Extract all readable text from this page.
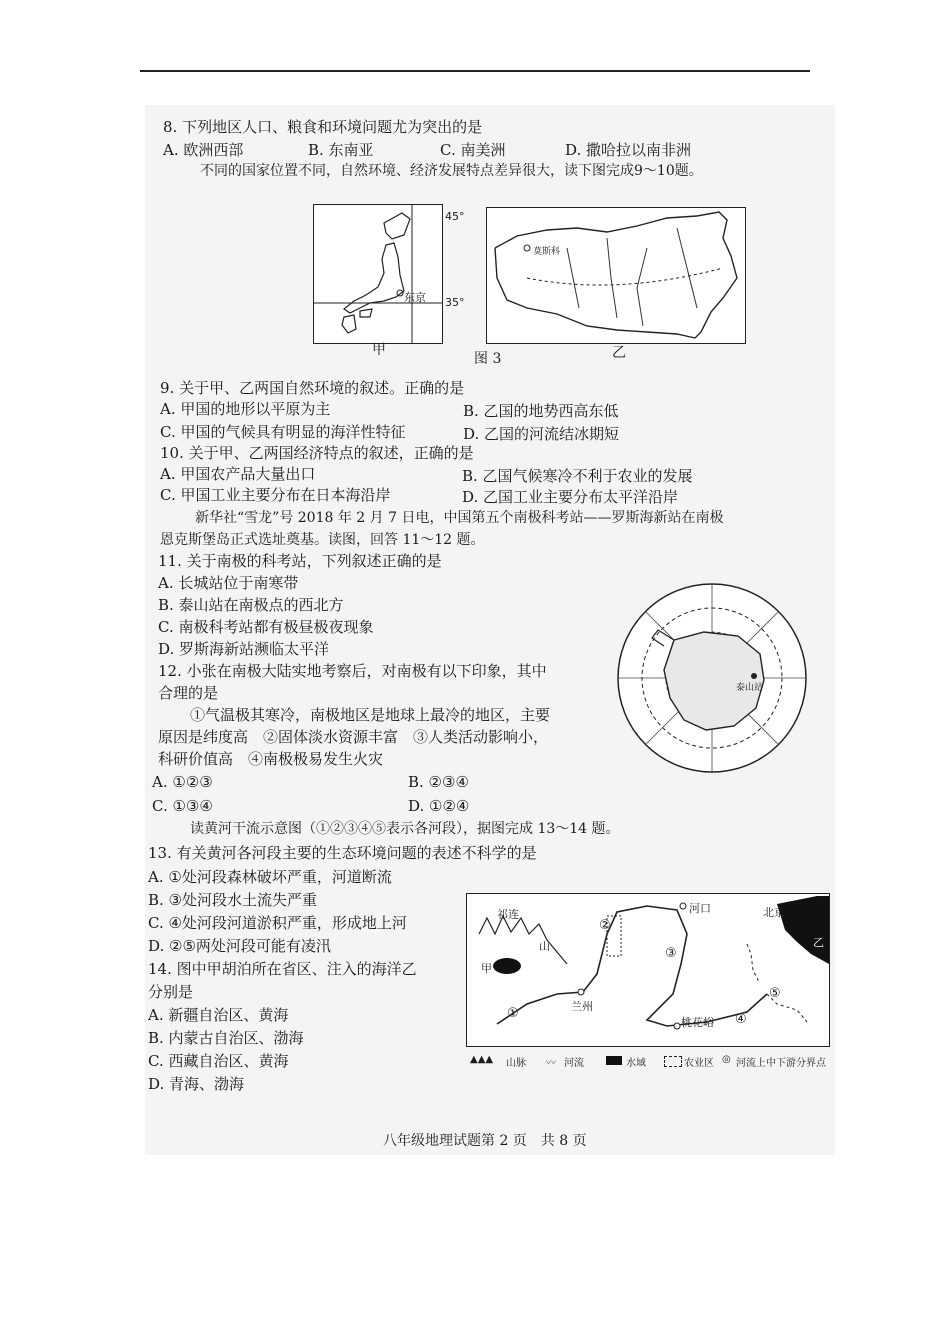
8. 下列地区人口、粮食和环境问题尤为突出的是
A. 欧洲西部	B. 东南亚	C. 南美洲	D. 撒哈拉以南非洲
不同的国家位置不同，自然环境、经济发展特点差异很大，读下图完成9～10题。
东京
45°
35°
甲
莫斯科
图 3	乙
9. 关于甲、乙两国自然环境的叙述。正确的是
A. 甲国的地形以平原为主	B. 乙国的地势西高东低
C. 甲国的气候具有明显的海洋性特征	D. 乙国的河流结冰期短
10. 关于甲、乙两国经济特点的叙述，正确的是
A. 甲国农产品大量出口	B. 乙国气候寒冷不利于农业的发展
C. 甲国工业主要分布在日本海沿岸	D. 乙国工业主要分布太平洋沿岸
新华社“雪龙”号 2018 年 2 月 7 日电，中国第五个南极科考站——罗斯海新站在南极
恩克斯堡岛正式选址奠基。读图，回答 11～12 题。
11. 关于南极的科考站，下列叙述正确的是
A. 长城站位于南寒带
B. 泰山站在南极点的西北方
C. 南极科考站都有极昼极夜现象
D. 罗斯海新站濒临太平洋
泰山站
12. 小张在南极大陆实地考察后，对南极有以下印象，其中
合理的是
①气温极其寒冷，南极地区是地球上最冷的地区，主要
原因是纬度高　②固体淡水资源丰富　③人类活动影响小，
科研价值高　④南极极易发生火灾
A. ①②③	B. ②③④
C. ①③④	D. ①②④
读黄河干流示意图（①②③④⑤表示各河段），据图完成 13～14 题。
13. 有关黄河各河段主要的生态环境问题的表述不科学的是
A. ①处河段森林破坏严重，河道断流
B. ③处河段水土流失严重
C. ④处河段河道淤积严重，形成地上河
D. ②⑤两处河段可能有凌汛
14. 图中甲胡泊所在省区、注入的海洋乙
分别是
A. 新疆自治区、黄海
B. 内蒙古自治区、渤海
C. 西藏自治区、黄海
D. 青海、渤海
祁连
山
甲
河口	北京
兰州
桃花峪
乙
①
②
③
④
⑤
▲▲▲ 山脉 〰 河流	水域	农业区 ◎ 河流上中下游分界点
八年级地理试题第 2 页　共 8 页
